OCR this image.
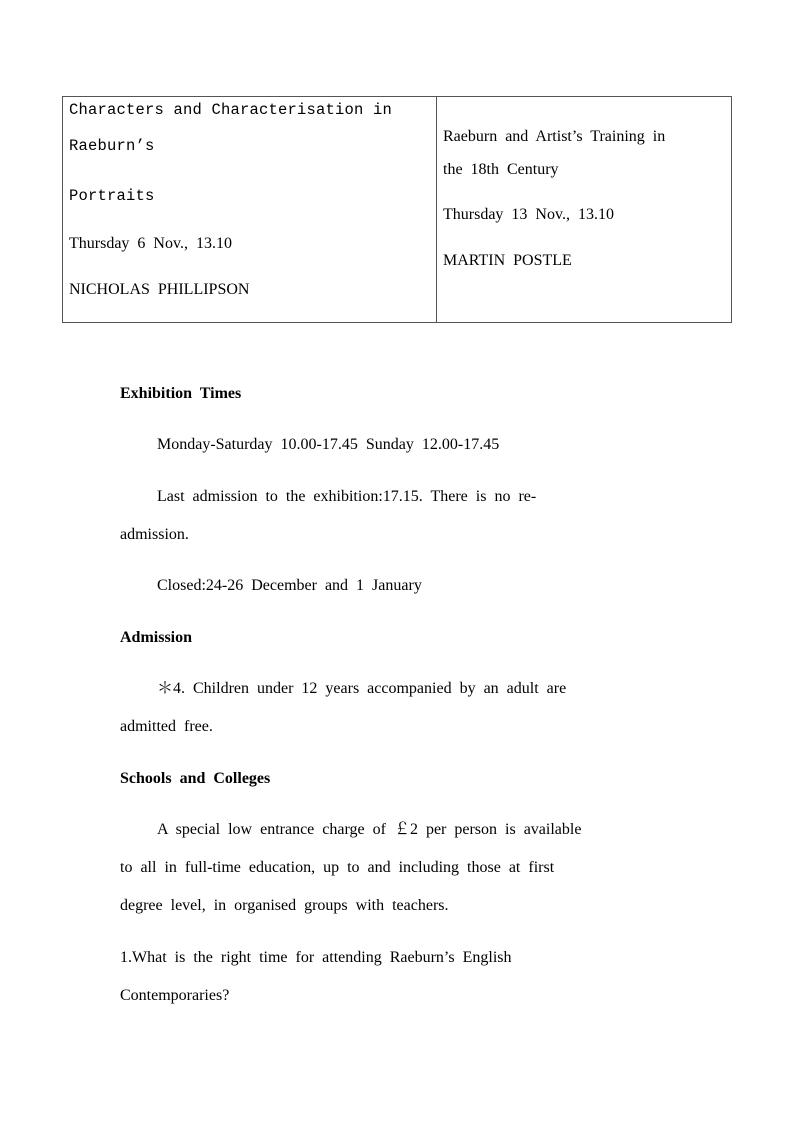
Characters and Characterisation in
Raeburn’s
Portraits
Thursday 6 Nov., 13.10
NICHOLAS PHILLIPSON
Raeburn and Artist’s Training in
the 18th Century
Thursday 13 Nov., 13.10
MARTIN POSTLE
Exhibition Times
Monday-Saturday 10.00-17.45 Sunday 12.00-17.45
Last admission to the exhibition:17.15. There is no re-
admission.
Closed:24-26 December and 1 January
Admission
＊4. Children under 12 years accompanied by an adult are
admitted free.
Schools and Colleges
A special low entrance charge of ￡2 per person is available
to all in full-time education, up to and including those at first
degree level, in organised groups with teachers.
1.What is the right time for attending Raeburn’s English
Contemporaries?
